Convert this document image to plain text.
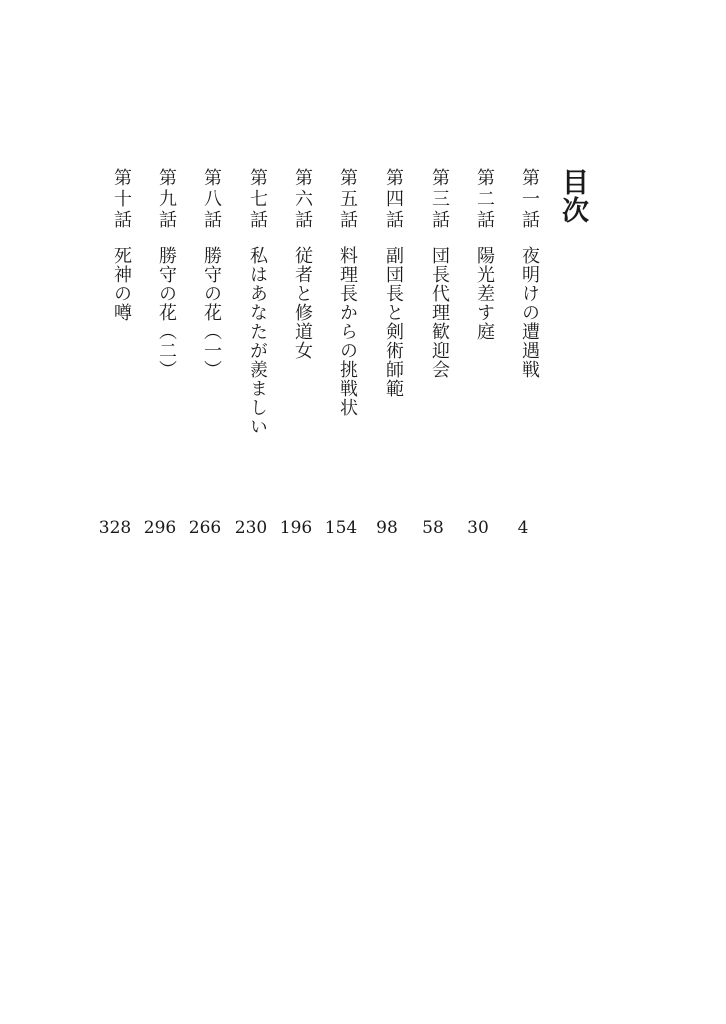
目次
第一話
夜明けの遭遇戦
4
第二話
陽光差す庭
30
第三話
団長代理歓迎会
58
第四話
副団長と剣術師範
98
第五話
料理長からの挑戦状
154
第六話
従者と修道女
196
第七話
私はあなたが羨ましい
230
第八話
勝守の花（一）
266
第九話
勝守の花（二）
296
第十話
死神の噂
328
